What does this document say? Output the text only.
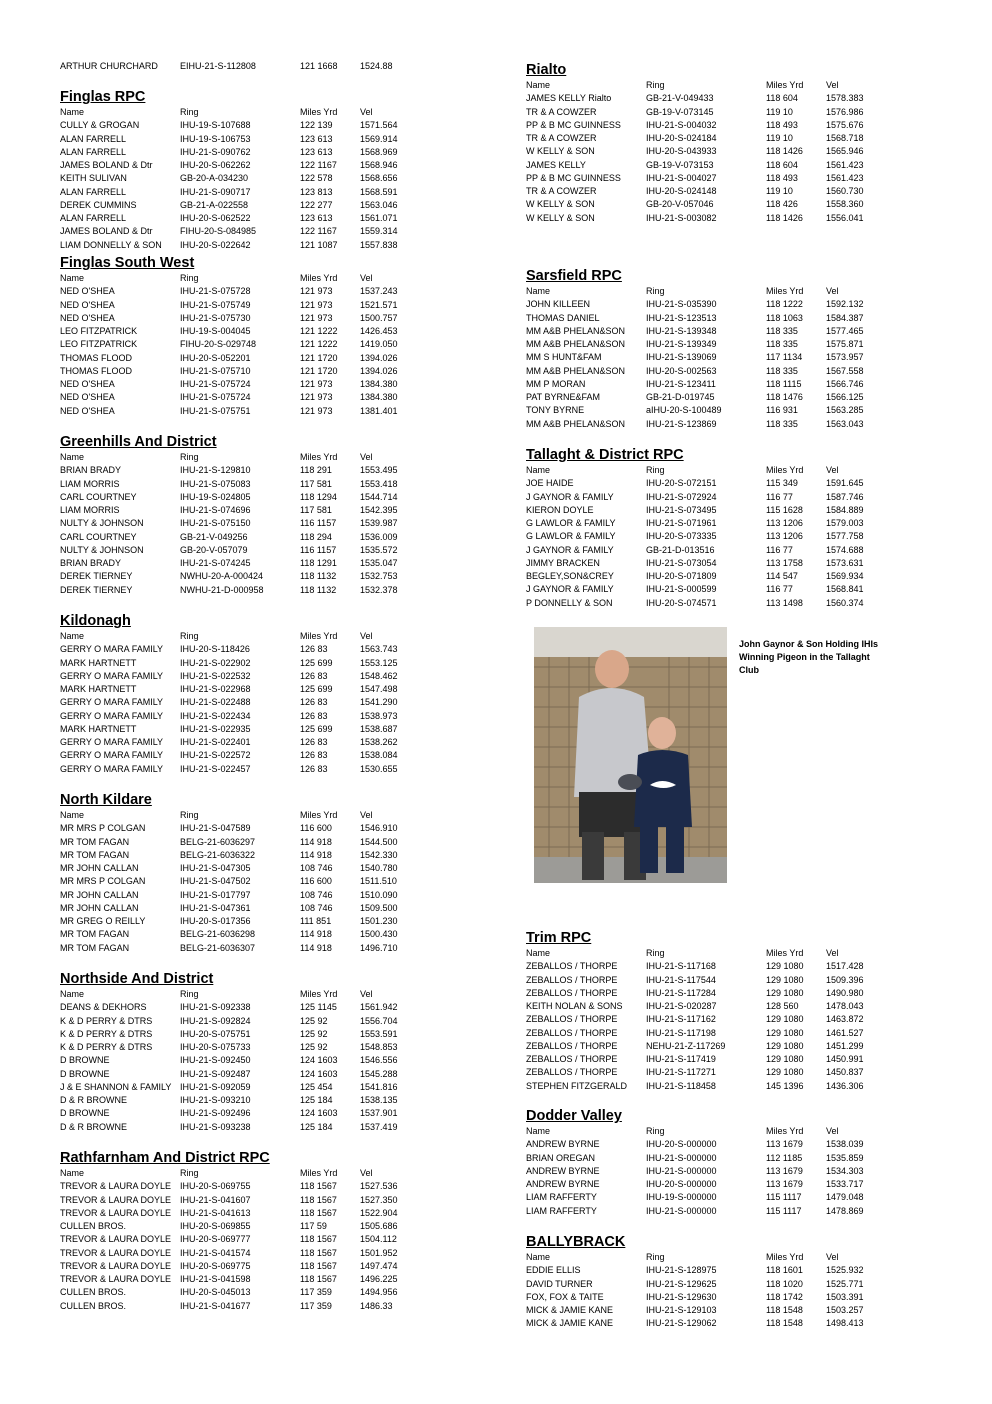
ARTHUR CHURCHARD	EIHU-21-S-112808	121 1668	1524.88
Finglas RPC
Name	Ring	Miles Yrd	Vel
CULLY & GROGAN	IHU-19-S-107688	122 139	1571.564
ALAN FARRELL	IHU-19-S-106753	123 613	1569.914
ALAN FARRELL	IHU-21-S-090762	123 613	1568.969
JAMES BOLAND & Dtr	IHU-20-S-062262	122 1167	1568.946
KEITH SULIVAN	GB-20-A-034230	122 578	1568.656
ALAN FARRELL	IHU-21-S-090717	123 813	1568.591
DEREK CUMMINS	GB-21-A-022558	122 277	1563.046
ALAN FARRELL	IHU-20-S-062522	123 613	1561.071
JAMES BOLAND & Dtr	FIHU-20-S-084985	122 1167	1559.314
LIAM DONNELLY & SON	IHU-20-S-022642	121 1087	1557.838
Finglas South West
Name	Ring	Miles Yrd	Vel
NED O'SHEA	IHU-21-S-075728	121 973	1537.243
NED O'SHEA	IHU-21-S-075749	121 973	1521.571
NED O'SHEA	IHU-21-S-075730	121 973	1500.757
LEO FITZPATRICK	IHU-19-S-004045	121 1222	1426.453
LEO FITZPATRICK	FIHU-20-S-029748	121 1222	1419.050
THOMAS FLOOD	IHU-20-S-052201	121 1720	1394.026
THOMAS FLOOD	IHU-21-S-075710	121 1720	1394.026
NED O'SHEA	IHU-21-S-075724	121 973	1384.380
NED O'SHEA	IHU-21-S-075724	121 973	1384.380
NED O'SHEA	IHU-21-S-075751	121 973	1381.401
Greenhills And District
Name	Ring	Miles Yrd	Vel
BRIAN BRADY	IHU-21-S-129810	118 291	1553.495
LIAM MORRIS	IHU-21-S-075083	117 581	1553.418
CARL COURTNEY	IHU-19-S-024805	118 1294	1544.714
LIAM MORRIS	IHU-21-S-074696	117 581	1542.395
NULTY & JOHNSON	IHU-21-S-075150	116 1157	1539.987
CARL COURTNEY	GB-21-V-049256	118 294	1536.009
NULTY & JOHNSON	GB-20-V-057079	116 1157	1535.572
BRIAN BRADY	IHU-21-S-074245	118 1291	1535.047
DEREK TIERNEY	NWHU-20-A-000424	118 1132	1532.753
DEREK TIERNEY	NWHU-21-D-000958	118 1132	1532.378
Kildonagh
Name	Ring	Miles Yrd	Vel
GERRY O MARA FAMILY	IHU-20-S-118426	126 83	1563.743
MARK HARTNETT	IHU-21-S-022902	125 699	1553.125
GERRY O MARA FAMILY	IHU-21-S-022532	126 83	1548.462
MARK HARTNETT	IHU-21-S-022968	125 699	1547.498
GERRY O MARA FAMILY	IHU-21-S-022488	126 83	1541.290
GERRY O MARA FAMILY	IHU-21-S-022434	126 83	1538.973
MARK HARTNETT	IHU-21-S-022935	125 699	1538.687
GERRY O MARA FAMILY	IHU-21-S-022401	126 83	1538.262
GERRY O MARA FAMILY	IHU-21-S-022572	126 83	1538.084
GERRY O MARA FAMILY	IHU-21-S-022457	126 83	1530.655
North Kildare
Name	Ring	Miles Yrd	Vel
MR MRS P COLGAN	IHU-21-S-047589	116 600	1546.910
MR TOM FAGAN	BELG-21-6036297	114 918	1544.500
MR TOM FAGAN	BELG-21-6036322	114 918	1542.330
MR JOHN CALLAN	IHU-21-S-047305	108 746	1540.780
MR MRS P COLGAN	IHU-21-S-047502	116 600	1511.510
MR JOHN CALLAN	IHU-21-S-017797	108 746	1510.090
MR JOHN CALLAN	IHU-21-S-047361	108 746	1509.500
MR GREG O REILLY	IHU-20-S-017356	111 851	1501.230
MR TOM FAGAN	BELG-21-6036298	114 918	1500.430
MR TOM FAGAN	BELG-21-6036307	114 918	1496.710
Northside And District
Name	Ring	Miles Yrd	Vel
DEANS & DEKHORS	IHU-21-S-092338	125 1145	1561.942
K & D PERRY & DTRS	IHU-21-S-092824	125 92	1556.704
K & D PERRY & DTRS	IHU-20-S-075751	125 92	1553.591
K & D PERRY & DTRS	IHU-20-S-075733	125 92	1548.853
D BROWNE	IHU-21-S-092450	124 1603	1546.556
D BROWNE	IHU-21-S-092487	124 1603	1545.288
J & E SHANNON & FAMILY IHU-21-S-092059	125 454	1541.816
D & R BROWNE	IHU-21-S-093210	125 184	1538.135
D BROWNE	IHU-21-S-092496	124 1603	1537.901
D & R BROWNE	IHU-21-S-093238	125 184	1537.419
Rathfarnham And District RPC
Name	Ring	Miles Yrd	Vel
TREVOR & LAURA DOYLE IHU-20-S-069755	118 1567	1527.536
TREVOR & LAURA DOYLE IHU-21-S-041607	118 1567	1527.350
TREVOR & LAURA DOYLE IHU-21-S-041613	118 1567	1522.904
CULLEN BROS.	IHU-20-S-069855	117 59	1505.686
TREVOR & LAURA DOYLE IHU-20-S-069777	118 1567	1504.112
TREVOR & LAURA DOYLE IHU-21-S-041574	118 1567	1501.952
TREVOR & LAURA DOYLE IHU-20-S-069775	118 1567	1497.474
TREVOR & LAURA DOYLE IHU-21-S-041598	118 1567	1496.225
CULLEN BROS.	IHU-20-S-045013	117 359	1494.956
CULLEN BROS.	IHU-21-S-041677	117 359	1486.33
Rialto
Name	Ring	Miles Yrd	Vel
JAMES KELLY Rialto	GB-21-V-049433	118 604	1578.383
TR & A COWZER	GB-19-V-073145	119 10	1576.986
PP & B MC GUINNESS	IHU-21-S-004032	118 493	1575.676
TR & A COWZER	IHU-20-S-024184	119 10	1568.718
W KELLY & SON	IHU-20-S-043933	118 1426	1565.946
JAMES KELLY	GB-19-V-073153	118 604	1561.423
PP & B MC GUINNESS	IHU-21-S-004027	118 493	1561.423
TR & A COWZER	IHU-20-S-024148	119 10	1560.730
W KELLY & SON	GB-20-V-057046	118 426	1558.360
W KELLY & SON	IHU-21-S-003082	118 1426	1556.041
Sarsfield RPC
Name	Ring	Miles Yrd	Vel
JOHN KILLEEN	IHU-21-S-035390	118 1222	1592.132
THOMAS DANIEL	IHU-21-S-123513	118 1063	1584.387
MM A&B PHELAN&SON	IHU-21-S-139348	118 335	1577.465
MM A&B PHELAN&SON	IHU-21-S-139349	118 335	1575.871
MM S HUNT&FAM	IHU-21-S-139069	117 1134	1573.957
MM A&B PHELAN&SON	IHU-20-S-002563	118 335	1567.558
MM P MORAN	IHU-21-S-123411	118 1115	1566.746
PAT BYRNE&FAM	GB-21-D-019745	118 1476	1566.125
TONY BYRNE	aIHU-20-S-100489	116 931	1563.285
MM A&B PHELAN&SON	IHU-21-S-123869	118 335	1563.043
Tallaght & District RPC
Name	Ring	Miles Yrd	Vel
JOE HAIDE	IHU-20-S-072151	115 349	1591.645
J GAYNOR & FAMILY	IHU-21-S-072924	116 77	1587.746
KIERON DOYLE	IHU-21-S-073495	115 1628	1584.889
G LAWLOR & FAMILY	IHU-21-S-071961	113 1206	1579.003
G LAWLOR & FAMILY	IHU-20-S-073335	113 1206	1577.758
J GAYNOR & FAMILY	GB-21-D-013516	116 77	1574.688
JIMMY BRACKEN	IHU-21-S-073054	113 1758	1573.631
BEGLEY,SON&CREY	IHU-20-S-071809	114 547	1569.934
J GAYNOR & FAMILY	IHU-21-S-000599	116 77	1568.841
P DONNELLY & SON	IHU-20-S-074571	113 1498	1560.374
Trim RPC
Name	Ring	Miles Yrd	Vel
ZEBALLOS / THORPE	IHU-21-S-117168	129 1080	1517.428
ZEBALLOS / THORPE	IHU-21-S-117544	129 1080	1509.396
ZEBALLOS / THORPE	IHU-21-S-117284	129 1080	1490.980
KEITH NOLAN & SONS	IHU-21-S-020287	128 560	1478.043
ZEBALLOS / THORPE	IHU-21-S-117162	129 1080	1463.872
ZEBALLOS / THORPE	IHU-21-S-117198	129 1080	1461.527
ZEBALLOS / THORPE	NEHU-21-Z-117269	129 1080	1451.299
ZEBALLOS / THORPE	IHU-21-S-117419	129 1080	1450.991
ZEBALLOS / THORPE	IHU-21-S-117271	129 1080	1450.837
STEPHEN FITZGERALD	IHU-21-S-118458	145 1396	1436.306
Dodder Valley
Name	Ring	Miles Yrd	Vel
ANDREW BYRNE	IHU-20-S-000000	113 1679	1538.039
BRIAN OREGAN	IHU-21-S-000000	112 1185	1535.859
ANDREW BYRNE	IHU-21-S-000000	113 1679	1534.303
ANDREW BYRNE	IHU-20-S-000000	113 1679	1533.717
LIAM RAFFERTY	IHU-19-S-000000	115 1117	1479.048
LIAM RAFFERTY	IHU-21-S-000000	115 1117	1478.869
BALLYBRACK
Name	Ring	Miles Yrd	Vel
EDDIE ELLIS	IHU-21-S-128975	118 1601	1525.932
DAVID TURNER	IHU-21-S-129625	118 1020	1525.771
FOX, FOX & TAITE	IHU-21-S-129630	118 1742	1503.391
MICK & JAMIE KANE	IHU-21-S-129103	118 1548	1503.257
MICK & JAMIE KANE	IHU-21-S-129062	118 1548	1498.413
John Gaynor & Son Holding IHIs Winning Pigeon in the Tallaght Club
